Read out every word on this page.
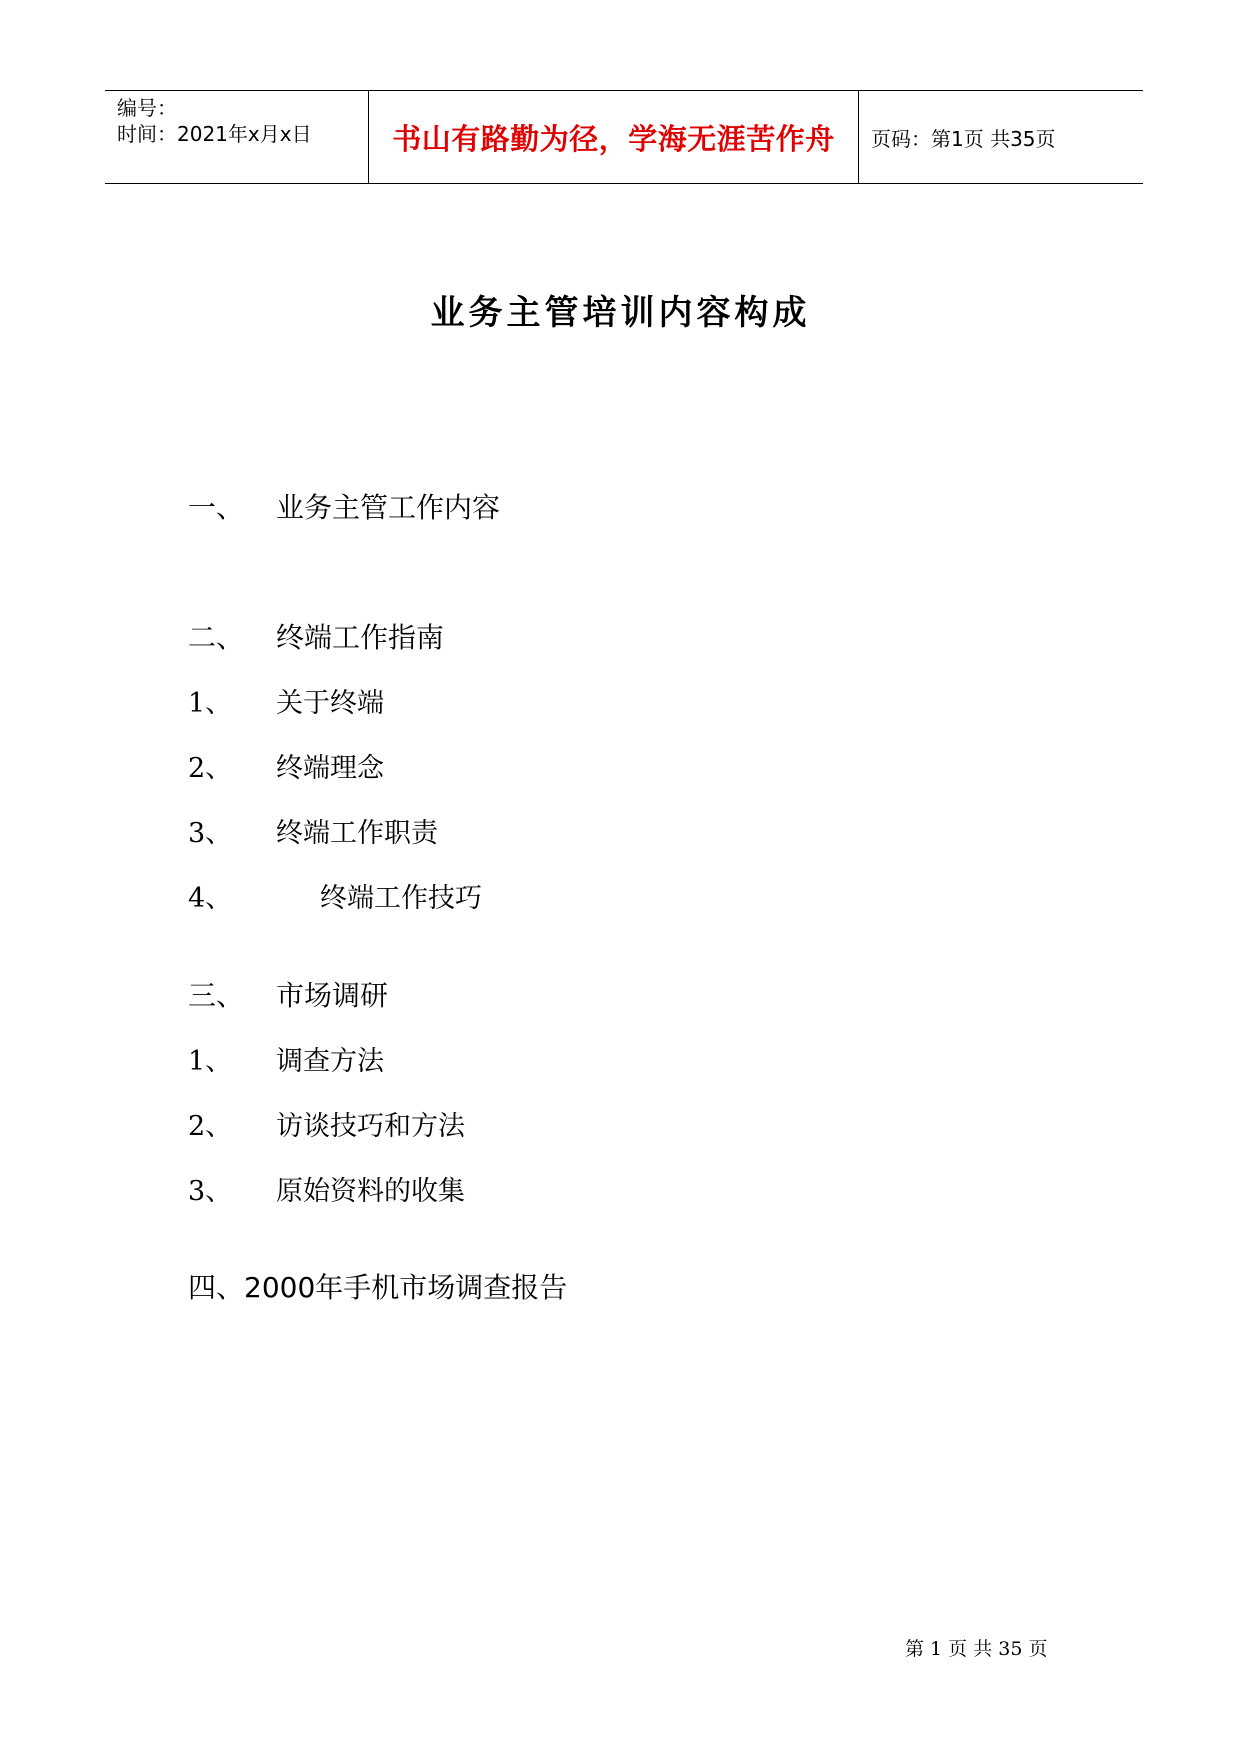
编号：
时间：2021年x月x日	书山有路勤为径，学海无涯苦作舟 页码：第1页 共35页
业务主管培训内容构成
一、 业务主管工作内容
二、 终端工作指南
1、 关于终端
2、 终端理念
3、 终端工作职责
4、	终端工作技巧
三、 市场调研
1、 调查方法
2、 访谈技巧和方法
3、 原始资料的收集
四、2000年手机市场调查报告
第 1 页 共 35 页
